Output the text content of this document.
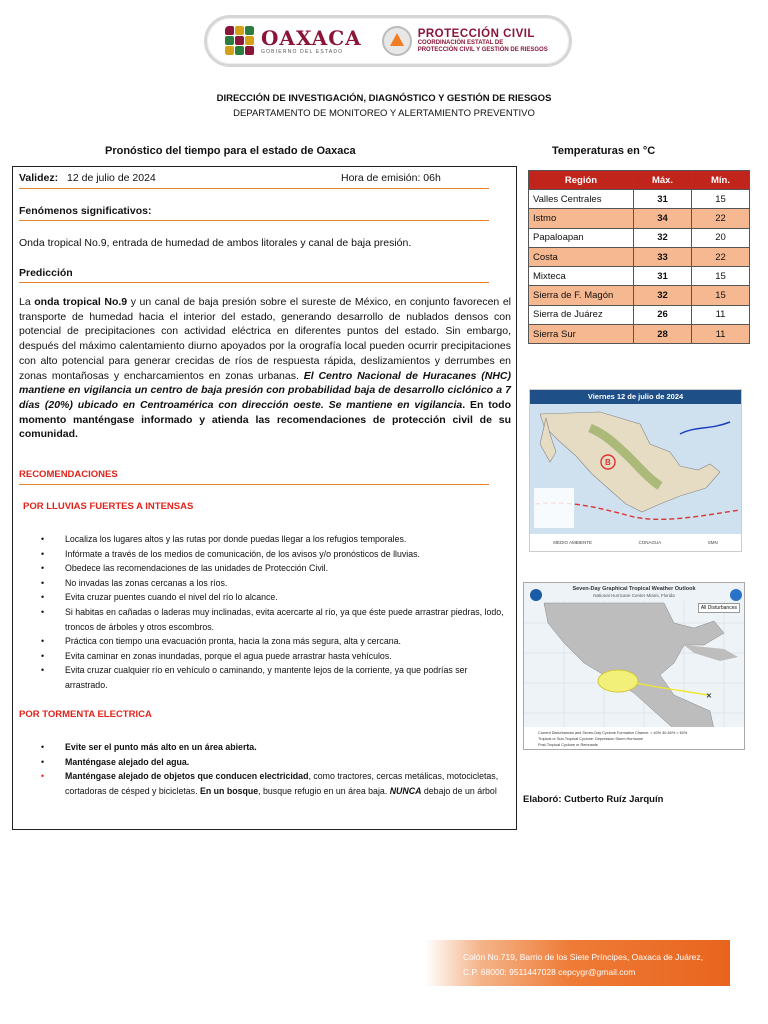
OAXACA
GOBIERNO DEL ESTADO
PROTECCIÓN CIVIL
COORDINACIÓN ESTATAL DE
PROTECCIÓN CIVIL Y GESTIÓN DE RIESGOS
DIRECCIÓN DE INVESTIGACIÓN, DIAGNÓSTICO Y GESTIÓN DE RIESGOS
DEPARTAMENTO DE MONITOREO Y ALERTAMIENTO PREVENTIVO
Pronóstico del tiempo para el estado de Oaxaca	Temperaturas en °C
Validez: 12 de julio de 2024	Hora de emisión: 06h
Fenómenos significativos:
Onda tropical No.9, entrada de humedad de ambos litorales y canal de baja presión.
Predicción
La onda tropical No.9 y un canal de baja presión sobre el sureste de México, en conjunto favorecen el transporte de humedad hacia el interior del estado, generando desarrollo de nublados densos con potencial de precipitaciones con actividad eléctrica en diferentes puntos del estado. Sin embargo, después del máximo calentamiento diurno apoyados por la orografía local pueden ocurrir precipitaciones con alto potencial para generar crecidas de ríos de respuesta rápida, deslizamientos y derrumbes en zonas montañosas y encharcamientos en zonas urbanas. El Centro Nacional de Huracanes (NHC) mantiene en vigilancia un centro de baja presión con probabilidad baja de desarrollo ciclónico a 7 días (20%) ubicado en Centroamérica con dirección oeste. Se mantiene en vigilancia. En todo momento manténgase informado y atienda las recomendaciones de protección civil de su comunidad.
RECOMENDACIONES
POR LLUVIAS FUERTES A INTENSAS
• Localiza los lugares altos y las rutas por donde puedas llegar a los refugios temporales.
• Infórmate a través de los medios de comunicación, de los avisos y/o pronósticos de lluvias.
• Obedece las recomendaciones de las unidades de Protección Civil.
• No invadas las zonas cercanas a los ríos.
• Evita cruzar puentes cuando el nivel del río lo alcance.
• Si habitas en cañadas o laderas muy inclinadas, evita acercarte al río, ya que éste puede arrastrar piedras, lodo, troncos de árboles y otros escombros.
• Práctica con tiempo una evacuación pronta, hacia la zona más segura, alta y cercana.
• Evita caminar en zonas inundadas, porque el agua puede arrastrar hasta vehículos.
• Evita cruzar cualquier río en vehículo o caminando, y mantente lejos de la corriente, ya que podrías ser arrastrado.
POR TORMENTA ELECTRICA
• Evite ser el punto más alto en un área abierta.
• Manténgase alejado del agua.
• Manténgase alejado de objetos que conducen electricidad, como tractores, cercas metálicas, motocicletas, cortadoras de césped y bicicletas. En un bosque, busque refugio en un área baja. NUNCA debajo de un árbol
Región	Máx.	Mín.
Valles Centrales	31	15
Istmo	34	22
Papaloapan	32	20
Costa	33	22
Mixteca	31	15
Sierra de F. Magón	32	15
Sierra de Juárez	26	11
Sierra Sur	28	11
Viernes 12 de julio de 2024
B
MEDIO AMBIENTE	CONAGUA	SMN
✕
Seven-Day Graphical Tropical Weather Outlook
National Hurricane Center Miami, Florida
All Disturbances
Current Disturbances and Seven-Day Cyclone Formation Chance: < 40% 40-60% > 60%
Tropical or Sub-Tropical Cyclone: Depression Storm Hurricane
Post-Tropical Cyclone or Remnants
Elaboró: Cutberto Ruíz Jarquín
Colón No.719, Barrio de los Siete Príncipes, Oaxaca de Juárez,
C.P. 68000; 9511447028 cepcygr@gmail.com
